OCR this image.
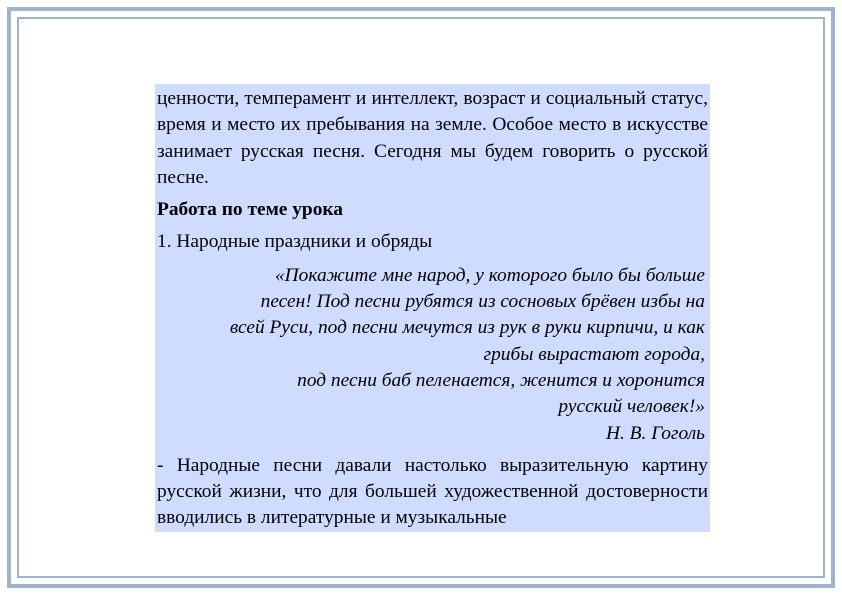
ценности, темперамент и интеллект, возраст и социальный статус, время и место их пребывания на земле. Особое место в искусстве занимает русская песня. Сегодня мы будем говорить о русской песне.

Работа по теме урока

1. Народные праздники и обряды

«Покажите мне народ, у которого было бы больше
песен! Под песни рубятся из сосновых брёвен избы на
всей Руси, под песни мечутся из рук в руки кирпичи, и как
грибы вырастают города,
под песни баб пеленается, женится и хоронится
русский человек!»
Н. В. Гоголь

- Народные песни давали настолько выразительную картину русской жизни, что для большей художественной достоверности вводились в литературные и музыкальные
